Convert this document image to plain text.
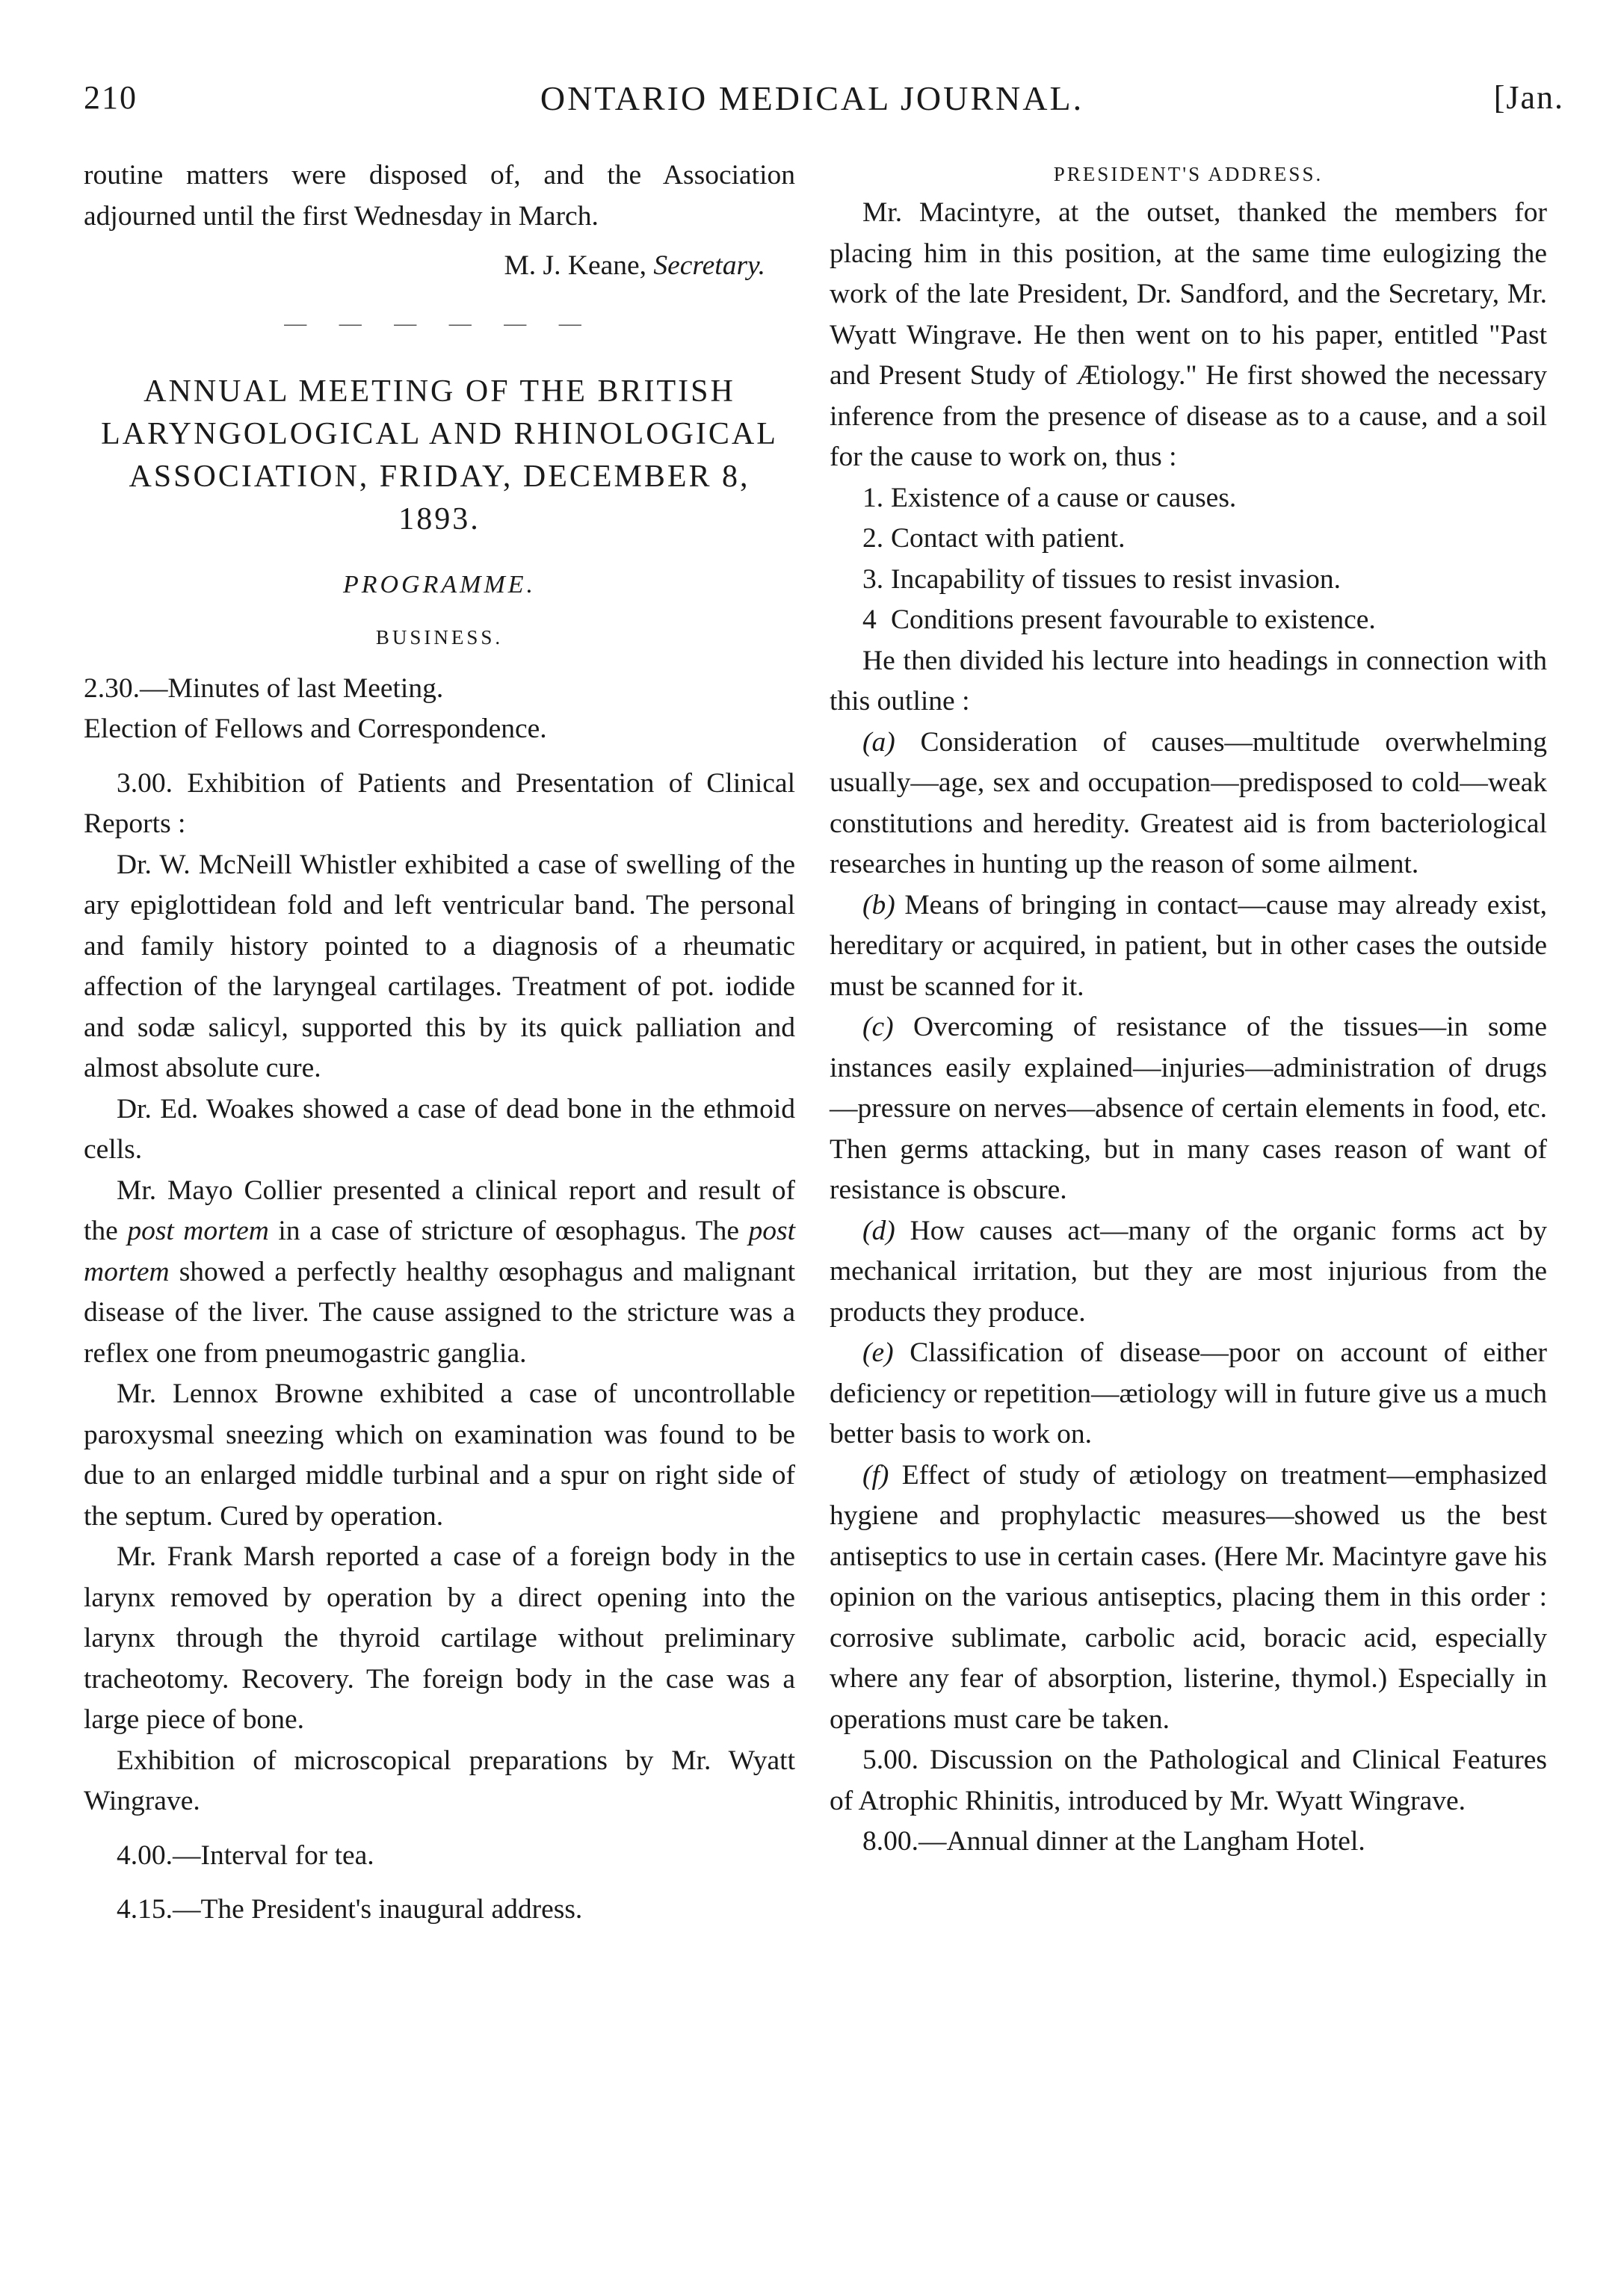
210	ONTARIO MEDICAL JOURNAL.	[Jan.

routine matters were disposed of, and the Association adjourned until the first Wednesday in March.

M. J. Keane, Secretary.

— — — — — —

ANNUAL MEETING OF THE BRITISH LARYNGOLOGICAL AND RHINOLOGICAL ASSOCIATION, FRIDAY, DECEMBER 8, 1893.

PROGRAMME.

BUSINESS.

2.30.—Minutes of last Meeting.

Election of Fellows and Correspondence.

3.00. Exhibition of Patients and Presentation of Clinical Reports :

Dr. W. McNeill Whistler exhibited a case of swelling of the ary epiglottidean fold and left ventricular band. The personal and family history pointed to a diagnosis of a rheumatic affection of the laryngeal cartilages. Treatment of pot. iodide and sodæ salicyl, supported this by its quick palliation and almost absolute cure.

Dr. Ed. Woakes showed a case of dead bone in the ethmoid cells.

Mr. Mayo Collier presented a clinical report and result of the post mortem in a case of stricture of œsophagus. The post mortem showed a perfectly healthy œsophagus and malignant disease of the liver. The cause assigned to the stricture was a reflex one from pneumogastric ganglia.

Mr. Lennox Browne exhibited a case of uncontrollable paroxysmal sneezing which on examination was found to be due to an enlarged middle turbinal and a spur on right side of the septum. Cured by operation.

Mr. Frank Marsh reported a case of a foreign body in the larynx removed by operation by a direct opening into the larynx through the thyroid cartilage without preliminary tracheotomy. Recovery. The foreign body in the case was a large piece of bone.

Exhibition of microscopical preparations by Mr. Wyatt Wingrave.

4.00.—Interval for tea.

4.15.—The President's inaugural address.

PRESIDENT'S ADDRESS.

Mr. Macintyre, at the outset, thanked the members for placing him in this position, at the same time eulogizing the work of the late President, Dr. Sandford, and the Secretary, Mr. Wyatt Wingrave. He then went on to his paper, entitled "Past and Present Study of Ætiology." He first showed the necessary inference from the presence of disease as to a cause, and a soil for the cause to work on, thus :

1. Existence of a cause or causes.

2. Contact with patient.

3. Incapability of tissues to resist invasion.

4 Conditions present favourable to existence.

He then divided his lecture into headings in connection with this outline :

(a) Consideration of causes—multitude overwhelming usually—age, sex and occupation—predisposed to cold—weak constitutions and heredity. Greatest aid is from bacteriological researches in hunting up the reason of some ailment.

(b) Means of bringing in contact—cause may already exist, hereditary or acquired, in patient, but in other cases the outside must be scanned for it.

(c) Overcoming of resistance of the tissues—in some instances easily explained—injuries—administration of drugs—pressure on nerves—absence of certain elements in food, etc. Then germs attacking, but in many cases reason of want of resistance is obscure.

(d) How causes act—many of the organic forms act by mechanical irritation, but they are most injurious from the products they produce.

(e) Classification of disease—poor on account of either deficiency or repetition—ætiology will in future give us a much better basis to work on.

(f) Effect of study of ætiology on treatment—emphasized hygiene and prophylactic measures—showed us the best antiseptics to use in certain cases. (Here Mr. Macintyre gave his opinion on the various antiseptics, placing them in this order : corrosive sublimate, carbolic acid, boracic acid, especially where any fear of absorption, listerine, thymol.) Especially in operations must care be taken.

5.00. Discussion on the Pathological and Clinical Features of Atrophic Rhinitis, introduced by Mr. Wyatt Wingrave.

8.00.—Annual dinner at the Langham Hotel.
